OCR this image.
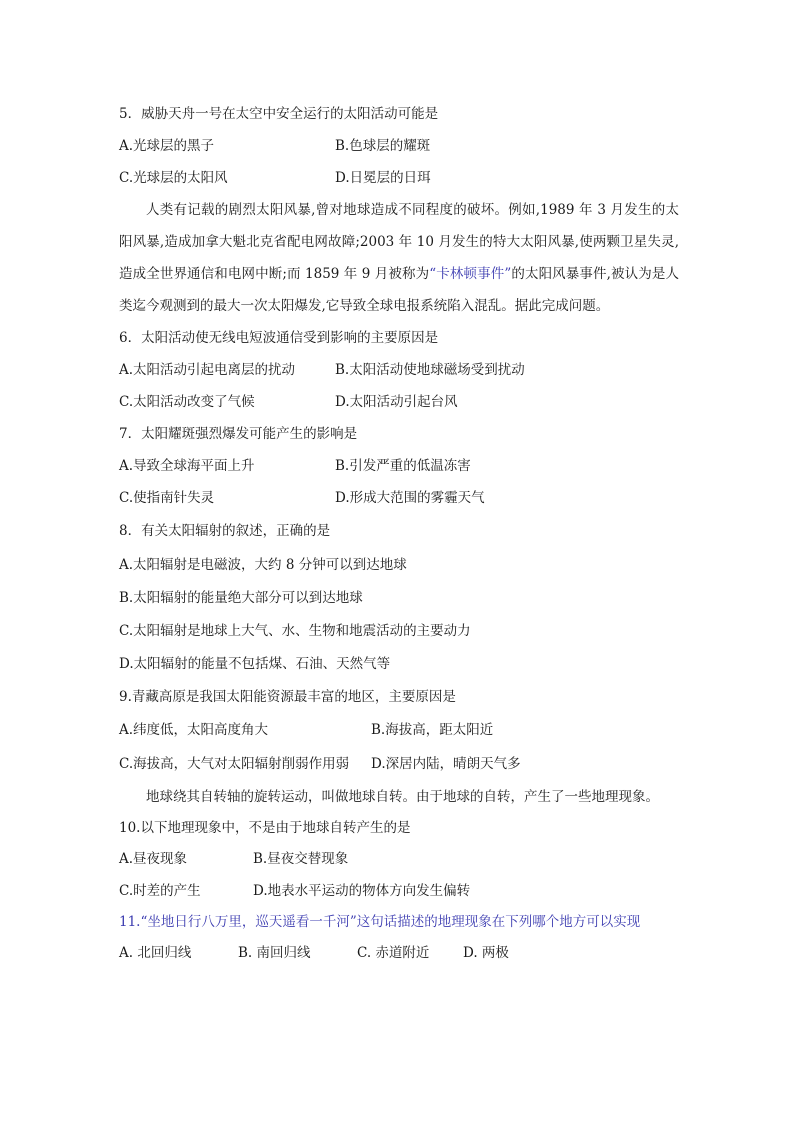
5．威胁天舟一号在太空中安全运行的太阳活动可能是
A.光球层的黑子	B.色球层的耀斑
C.光球层的太阳风	D.日冕层的日珥
人类有记载的剧烈太阳风暴,曾对地球造成不同程度的破坏。例如,1989 年 3 月发生的太阳风暴,造成加拿大魁北克省配电网故障;2003 年 10 月发生的特大太阳风暴,使两颗卫星失灵,造成全世界通信和电网中断;而 1859 年 9 月被称为“卡林顿事件”的太阳风暴事件,被认为是人类迄今观测到的最大一次太阳爆发,它导致全球电报系统陷入混乱。据此完成问题。
6．太阳活动使无线电短波通信受到影响的主要原因是
A.太阳活动引起电离层的扰动	B.太阳活动使地球磁场受到扰动
C.太阳活动改变了气候	D.太阳活动引起台风
7．太阳耀斑强烈爆发可能产生的影响是
A.导致全球海平面上升	B.引发严重的低温冻害
C.使指南针失灵	D.形成大范围的雾霾天气
8．有关太阳辐射的叙述，正确的是
A.太阳辐射是电磁波，大约 8 分钟可以到达地球
B.太阳辐射的能量绝大部分可以到达地球
C.太阳辐射是地球上大气、水、生物和地震活动的主要动力
D.太阳辐射的能量不包括煤、石油、天然气等
9.青藏高原是我国太阳能资源最丰富的地区，主要原因是
A.纬度低，太阳高度角大	B.海拔高，距太阳近
C.海拔高，大气对太阳辐射削弱作用弱 D.深居内陆，晴朗天气多
地球绕其自转轴的旋转运动，叫做地球自转。由于地球的自转，产生了一些地理现象。
10.以下地理现象中，不是由于地球自转产生的是
A.昼夜现象	B.昼夜交替现象
C.时差的产生	D.地表水平运动的物体方向发生偏转
11.“坐地日行八万里，巡天遥看一千河”这句话描述的地理现象在下列哪个地方可以实现
A. 北回归线	B. 南回归线	C. 赤道附近 D. 两极
